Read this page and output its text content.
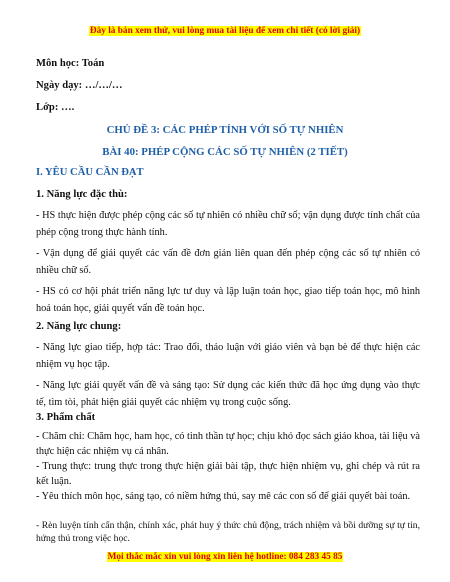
Đây là bản xem thử, vui lòng mua tài liệu để xem chi tiết (có lời giải)
Môn học: Toán
Ngày dạy: …/…/…
Lớp: ….
CHỦ ĐỀ 3: CÁC PHÉP TÍNH VỚI SỐ TỰ NHIÊN
BÀI 40: PHÉP CỘNG CÁC SỐ TỰ NHIÊN (2 TIẾT)
I. YÊU CẦU CẦN ĐẠT
1. Năng lực đặc thù:
- HS thực hiện được phép cộng các số tự nhiên có nhiều chữ số; vận dụng được tính chất của phép cộng trong thực hành tính.
- Vận dụng để giải quyết các vấn đề đơn giản liên quan đến phép cộng các số tự nhiên có nhiều chữ số.
- HS có cơ hội phát triển năng lực tư duy và lập luận toán học, giao tiếp toán học, mô hình hoá toán học, giải quyết vấn đề toán học.
2. Năng lực chung:
- Năng lực giao tiếp, hợp tác: Trao đổi, thảo luận với giáo viên và bạn bè để thực hiện các nhiệm vụ học tập.
- Năng lực giải quyết vấn đề và sáng tạo: Sử dụng các kiến thức đã học ứng dụng vào thực tế, tìm tòi, phát hiện giải quyết các nhiệm vụ trong cuộc sống.
3. Phẩm chất
- Chăm chỉ: Chăm học, ham học, có tinh thần tự học; chịu khó đọc sách giáo khoa, tài liệu và thực hiện các nhiệm vụ cá nhân.
- Trung thực: trung thực trong thực hiện giải bài tập, thực hiện nhiệm vụ, ghi chép và rút ra kết luận.
- Yêu thích môn học, sáng tạo, có niềm hứng thú, say mê các con số để giải quyết bài toán.
Mọi thắc mắc xin vui lòng xin liên hệ hotline: 084 283 45 85
- Rèn luyện tính cẩn thận, chính xác, phát huy ý thức chủ động, trách nhiệm và bồi dưỡng sự tự tin, hứng thú trong việc học.
